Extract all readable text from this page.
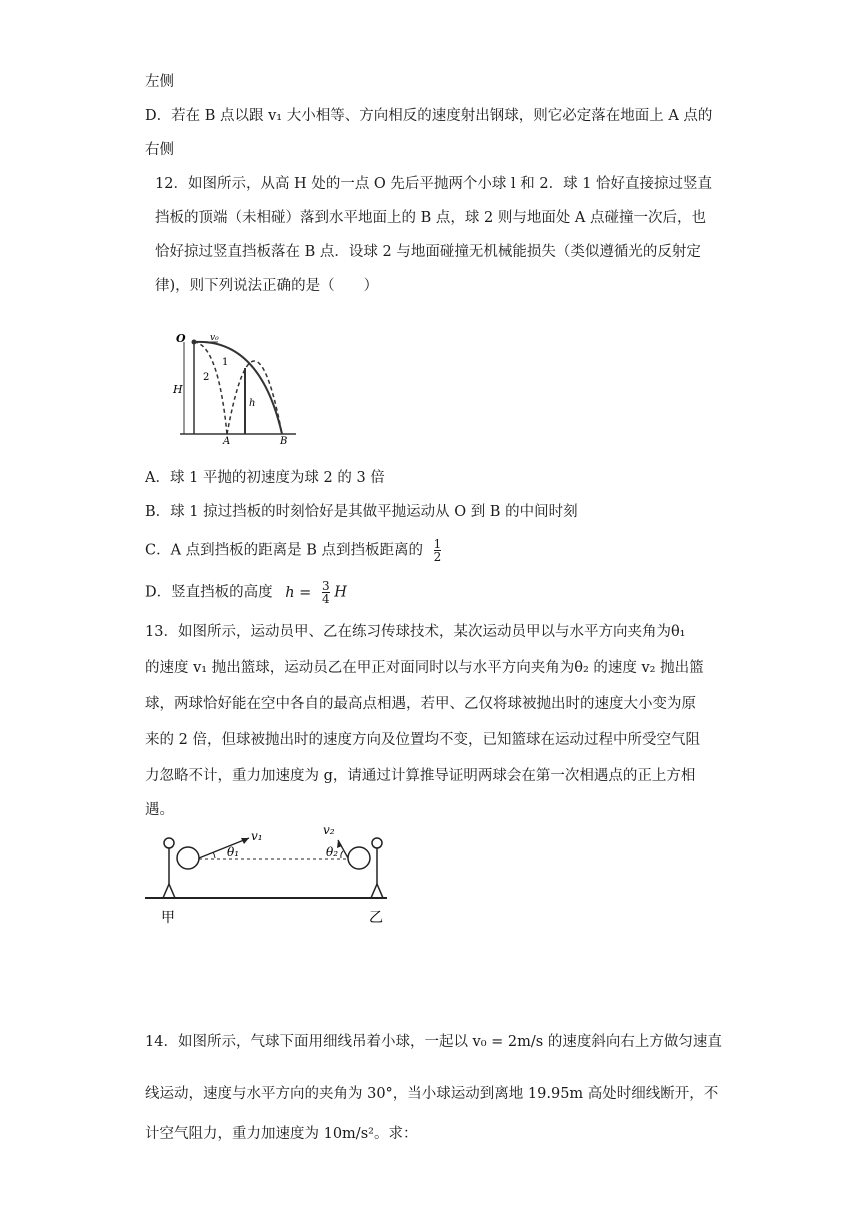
左侧
D．若在 B 点以跟 v₁ 大小相等、方向相反的速度射出钢球，则它必定落在地面上 A 点的
右侧
12．如图所示，从高 H 处的一点 O 先后平抛两个小球 l 和 2．球 1 恰好直接掠过竖直
挡板的顶端（未相碰）落到水平地面上的 B 点，球 2 则与地面处 A 点碰撞一次后，也
恰好掠过竖直挡板落在 B 点．设球 2 与地面碰撞无机械能损失（类似遵循光的反射定
律)，则下列说法正确的是（　　）
O	v₀
H
h
A	B
1
2
A．球 1 平抛的初速度为球 2 的 3 倍
B．球 1 掠过挡板的时刻恰好是其做平抛运动从 O 到 B 的中间时刻
C．A 点到挡板的距离是 B 点到挡板距离的 $\frac{1}{2}$
D．竖直挡板的高度 $h = \frac{3}{4}$ H
13．如图所示，运动员甲、乙在练习传球技术，某次运动员甲以与水平方向夹角为θ₁
的速度 v₁ 抛出篮球，运动员乙在甲正对面同时以与水平方向夹角为θ₂ 的速度 v₂ 抛出篮
球，两球恰好能在空中各自的最高点相遇，若甲、乙仅将球被抛出时的速度大小变为原
来的 2 倍，但球被抛出时的速度方向及位置均不变，已知篮球在运动过程中所受空气阻
力忽略不计，重力加速度为 g，请通过计算推导证明两球会在第一次相遇点的正上方相
遇。
v₁	v₂
θ₁	θ₂
甲	乙
14．如图所示，气球下面用细线吊着小球，一起以 v₀ = 2m/s 的速度斜向右上方做匀速直
线运动，速度与水平方向的夹角为 30°，当小球运动到离地 19.95m 高处时细线断开，不
计空气阻力，重力加速度为 10m/s²。求：
